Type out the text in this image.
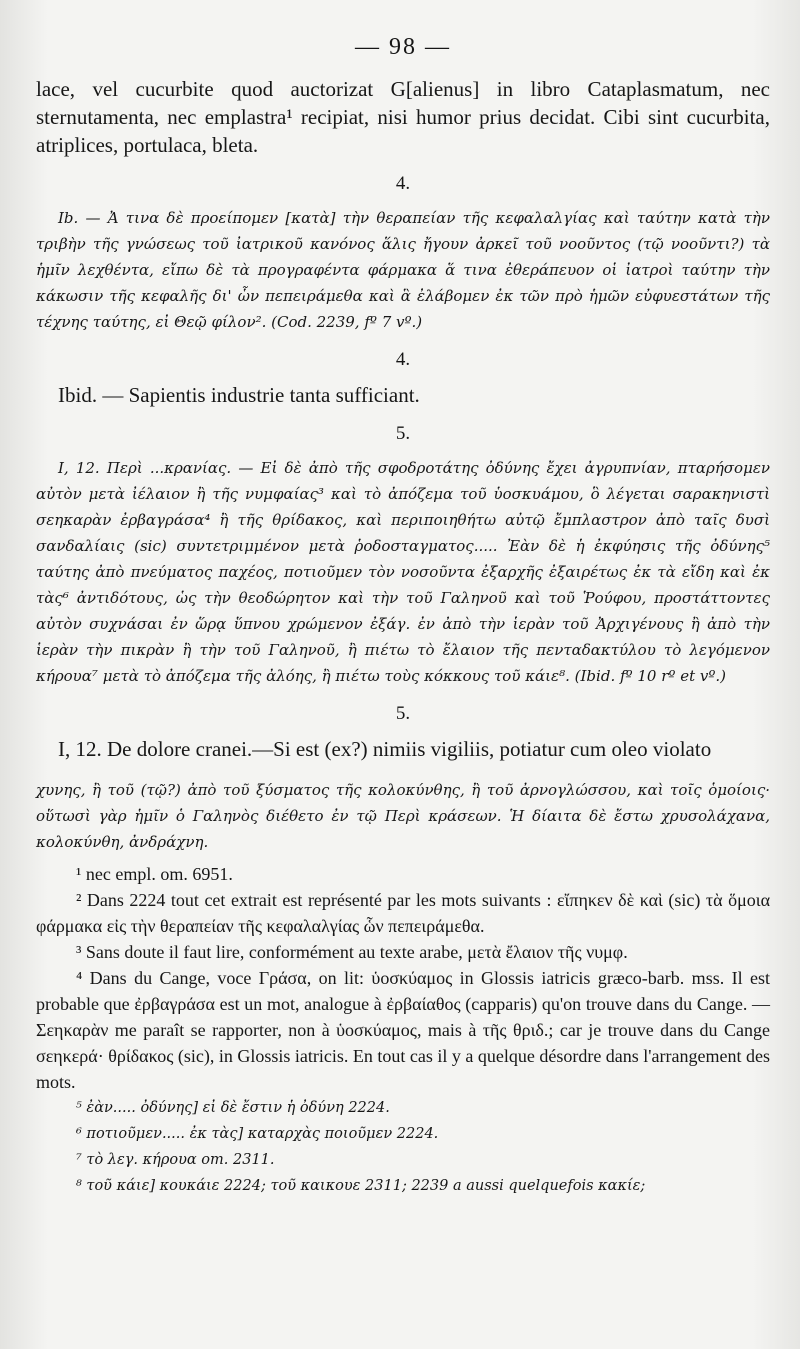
— 98 —

lace, vel cucurbite quod auctorizat G[alienus] in libro Cataplasmatum, nec sternutamenta, nec emplastra¹ recipiat, nisi humor prius decidat. Cibi sint cucurbita, atriplices, portulaca, bleta.

4.

Ib. — Ἀ τινα δὲ προείπομεν [κατὰ] τὴν θεραπείαν τῆς κεφαλαλγίας καὶ ταύτην κατὰ τὴν τριβὴν τῆς γνώσεως τοῦ ἰατρικοῦ κανόνος ἅλις ἤγουν ἀρκεῖ τοῦ νοοῦντος (τῷ νοοῦντι?) τὰ ἡμῖν λεχθέντα, εἴπω δὲ τὰ προγραφέντα φάρμακα ἅ τινα ἐθεράπευον οἱ ἰατροὶ ταύτην τὴν κάκωσιν τῆς κεφαλῆς δι' ὧν πεπειράμεθα καὶ ἃ ἐλάβομεν ἐκ τῶν πρὸ ἡμῶν εὐφυεστάτων τῆς τέχνης ταύτης, εἰ Θεῷ φίλον². (Cod. 2239, fº 7 vº.)

4.

Ibid. — Sapientis industrie tanta sufficiant.

5.

I, 12. Περὶ ...κρανίας. — Εἰ δὲ ἀπὸ τῆς σφοδροτάτης ὀδύνης ἔχει ἀγρυπνίαν, πταρήσομεν αὐτὸν μετὰ ἰέλαιον ἢ τῆς νυμφαίας³ καὶ τὸ ἀπόζεμα τοῦ ὑοσκυάμου, ὃ λέγεται σαρακηνιστὶ σεηκαρὰν ἐρβαγράσα⁴ ἢ τῆς θρίδακος, καὶ περιποιηθήτω αὐτῷ ἔμπλαστρον ἀπὸ ταῖς δυσὶ σανδαλίαις (sic) συντετριμμένον μετὰ ῥοδοσταγματος..... Ἐὰν δὲ ἡ ἐκφύησις τῆς ὀδύνης⁵ ταύτης ἀπὸ πνεύματος παχέος, ποτιοῦμεν τὸν νοσοῦντα ἐξαρχῆς ἐξαιρέτως ἐκ τὰ εἴδη καὶ ἐκ τὰς⁶ ἀντιδότους, ὡς τὴν θεοδώρητον καὶ τὴν τοῦ Γαληνοῦ καὶ τοῦ Ῥούφου, προστάττοντες αὐτὸν συχνάσαι ἐν ὥρᾳ ὕπνου χρώμενον ἐξάγ. ἐν ἀπὸ τὴν ἱερὰν τοῦ Ἀρχιγένους ἢ ἀπὸ τὴν ἱερὰν τὴν πικρὰν ἢ τὴν τοῦ Γαληνοῦ, ἢ πιέτω τὸ ἔλαιον τῆς πενταδακτύλου τὸ λεγόμενον κήρουα⁷ μετὰ τὸ ἀπόζεμα τῆς ἀλόης, ἢ πιέτω τοὺς κόκκους τοῦ κάιε⁸. (Ibid. fº 10 rº et vº.)

5.

I, 12. De dolore cranei.—Si est (ex?) nimiis vigiliis, potiatur cum oleo violato

χυνης, ἢ τοῦ (τῷ?) ἀπὸ τοῦ ξύσματος τῆς κολοκύνθης, ἢ τοῦ ἀρνογλώσσου, καὶ τοῖς ὁμοίοις· οὕτωσὶ γὰρ ἡμῖν ὁ Γαληνὸς διέθετο ἐν τῷ Περὶ κράσεων. Ἡ δίαιτα δὲ ἔστω χρυσολάχανα, κολοκύνθη, ἀνδράχνη.

¹ nec empl. om. 6951.

² Dans 2224 tout cet extrait est représenté par les mots suivants : εἴπηκεν δὲ καὶ (sic) τὰ ὅμοια φάρμακα εἰς τὴν θεραπείαν τῆς κεφαλαλγίας ὧν πεπειράμεθα.

³ Sans doute il faut lire, conformément au texte arabe, μετὰ ἔλαιον τῆς νυμφ.

⁴ Dans du Cange, voce Γράσα, on lit: ὑοσκύαμος in Glossis iatricis græco-barb. mss. Il est probable que ἐρβαγράσα est un mot, analogue à ἐρβαίαθος (capparis) qu'on trouve dans du Cange. — Σεηκαρὰν me paraît se rapporter, non à ὑοσκύαμος, mais à τῆς θριδ.; car je trouve dans du Cange σεηκερά· θρίδακος (sic), in Glossis iatricis. En tout cas il y a quelque désordre dans l'arrangement des mots.

⁵ ἐὰν..... ὀδύνης] εἰ δὲ ἔστιν ἡ ὀδύνη 2224.

⁶ ποτιοῦμεν..... ἐκ τὰς] καταρχὰς ποιοῦμεν 2224.

⁷ τὸ λεγ. κήρουα om. 2311.

⁸ τοῦ κάιε] κουκάιε 2224; τοῦ καικουε 2311; 2239 a aussi quelquefois κακίε;
